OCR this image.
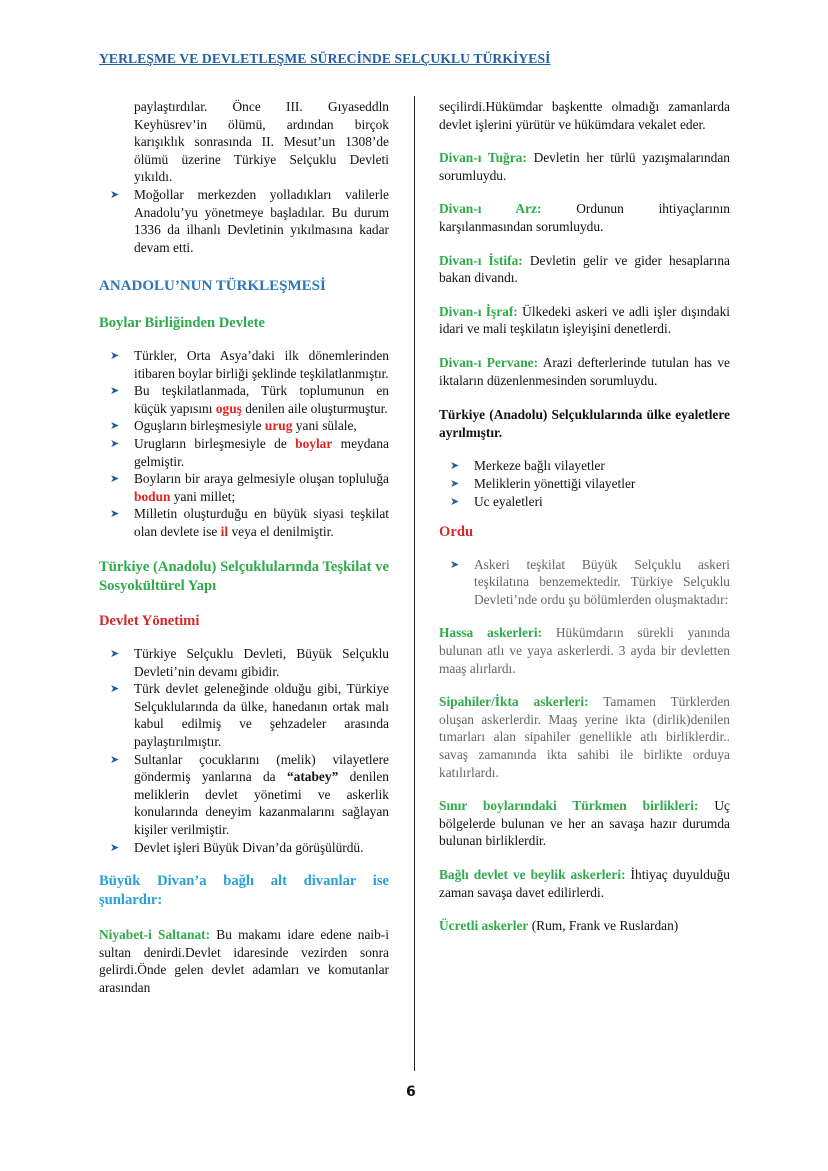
YERLEŞME VE DEVLETLEŞME SÜRECİNDE SELÇUKLU TÜRKİYESİ

paylaştırdılar. Önce III. Gıyaseddln Keyhüsrev’in ölümü, ardından birçok karışıklık sonrasında II. Mesut’un 1308’de ölümü üzerine Türkiye Selçuklu Devleti yıkıldı.

➤ Moğollar merkezden yolladıkları valilerle Anadolu’yu yönetmeye başladılar. Bu durum 1336 da ilhanlı Devletinin yıkılmasına kadar devam etti.

ANADOLU’NUN TÜRKLEŞMESİ

Boylar Birliğinden Devlete

➤ Türkler, Orta Asya’daki ilk dönemlerinden itibaren boylar birliği şeklinde teşkilatlanmıştır.
➤ Bu teşkilatlanmada, Türk toplumunun en küçük yapısını oguş denilen aile oluşturmuştur.
➤ Oguşların birleşmesiyle urug yani sülale,
➤ Urugların birleşmesiyle de boylar meydana gelmiştir.
➤ Boyların bir araya gelmesiyle oluşan topluluğa bodun yani millet;
➤ Milletin oluşturduğu en büyük siyasi teşkilat olan devlete ise il veya el denilmiştir.

Türkiye (Anadolu) Selçuklularında Teşkilat ve Sosyokültürel Yapı

Devlet Yönetimi

➤ Türkiye Selçuklu Devleti, Büyük Selçuklu Devleti’nin devamı gibidir.
➤ Türk devlet geleneğinde olduğu gibi, Türkiye Selçuklularında da ülke, hanedanın ortak malı kabul edilmiş ve şehzadeler arasında paylaştırılmıştır.
➤ Sultanlar çocuklarını (melik) vilayetlere göndermiş yanlarına da “atabey” denilen meliklerin devlet yönetimi ve askerlik konularında deneyim kazanmalarını sağlayan kişiler verilmiştir.
➤ Devlet işleri Büyük Divan’da görüşülürdü.

Büyük Divan’a bağlı alt divanlar ise şunlardır:

Niyabet-i Saltanat: Bu makamı idare edene naib-i sultan denirdi.Devlet idaresinde vezirden sonra gelirdi.Önde gelen devlet adamları ve komutanlar arasından

seçilirdi.Hükümdar başkentte olmadığı zamanlarda devlet işlerini yürütür ve hükümdara vekalet eder.

Divan-ı Tuğra: Devletin her türlü yazışmalarından sorumluydu.

Divan-ı Arz: Ordunun ihtiyaçlarının karşılanmasından sorumluydu.

Divan-ı İstifa: Devletin gelir ve gider hesaplarına bakan divandı.

Divan-ı İşraf: Ülkedeki askeri ve adli işler dışındaki idari ve mali teşkilatın işleyişini denetlerdi.

Divan-ı Pervane: Arazi defterlerinde tutulan has ve iktaların düzenlenmesinden sorumluydu.

Türkiye (Anadolu) Selçuklularında ülke eyaletlere ayrılmıştır.

➤ Merkeze bağlı vilayetler
➤ Meliklerin yönettiği vilayetler
➤ Uc eyaletleri

Ordu

➤ Askeri teşkilat Büyük Selçuklu askeri teşkilatına benzemektedir. Türkiye Selçuklu Devleti’nde ordu şu bölümlerden oluşmaktadır:

Hassa askerleri: Hükümdarın sürekli yanında bulunan atlı ve yaya askerlerdi. 3 ayda bir devletten maaş alırlardı.

Sipahiler/İkta askerleri: Tamamen Türklerden oluşan askerlerdir. Maaş yerine ikta (dirlik)denilen tımarları alan sipahiler genellikle atlı birliklerdir.. savaş zamanında ikta sahibi ile birlikte orduya katılırlardı.

Sınır boylarındaki Türkmen birlikleri: Uç bölgelerde bulunan ve her an savaşa hazır durumda bulunan birliklerdir.

Bağlı devlet ve beylik askerleri: İhtiyaç duyulduğu zaman savaşa davet edilirlerdi.

Ücretli askerler (Rum, Frank ve Ruslardan)

6
